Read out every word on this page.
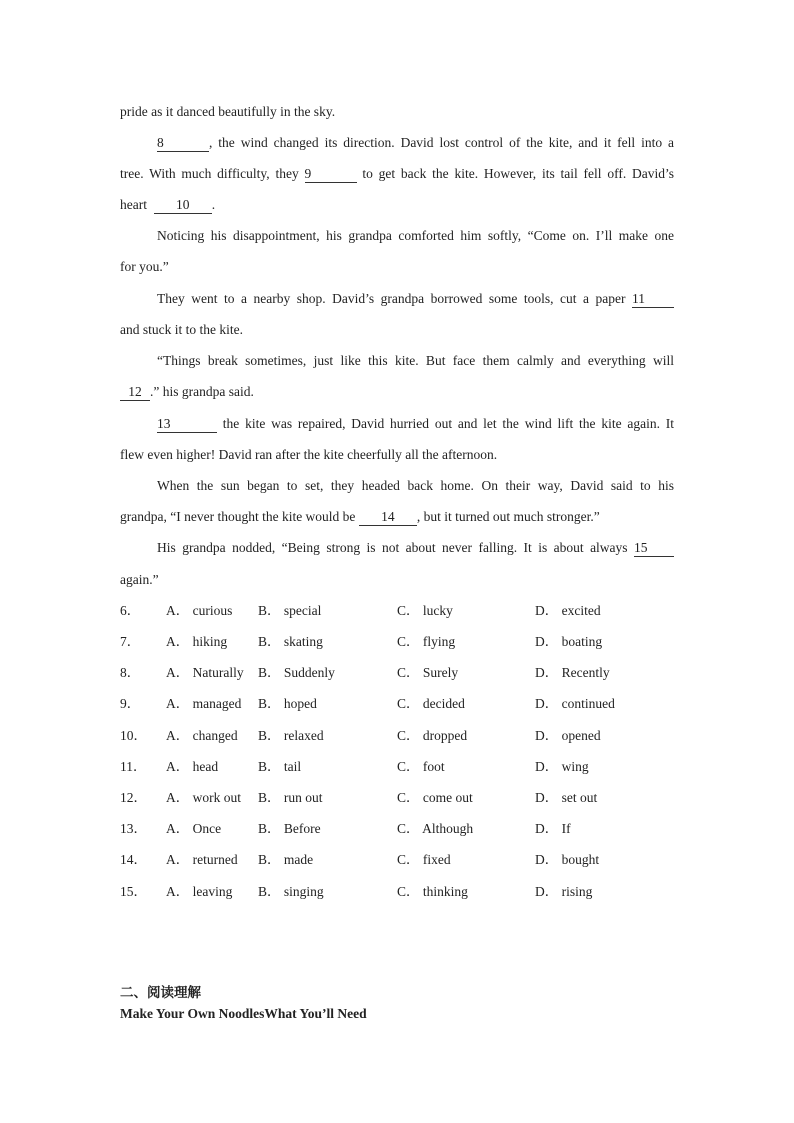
pride as it danced beautifully in the sky.
8	, the wind changed its direction. David lost control of the kite, and it fell into a
tree. With much difficulty, they 9	to get back the kite. However, its tail fell off. David’s
heart 10 .
Noticing his disappointment, his grandpa comforted him softly, “Come on. I’ll make one
for you.”
They went to a nearby shop. David’s grandpa borrowed some tools, cut a paper 11
and stuck it to the kite.
“Things break sometimes, just like this kite. But face them calmly and everything will
12 .” his grandpa said.
13	the kite was repaired, David hurried out and let the wind lift the kite again. It
flew even higher! David ran after the kite cheerfully all the afternoon.
When the sun began to set, they headed back home. On their way, David said to his
grandpa, “I never thought the kite would be 14 , but it turned out much stronger.”
His grandpa nodded, “Being strong is not about never falling. It is about always 15
again.”
6． A． curious B． special	C． lucky	D． excited
7． A． hiking B． skating	C． flying	D． boating
8． A． Naturally B． Suddenly	C． Surely	D． Recently
9． A． managed B． hoped	C． decided	D． continued
10． A． changed B． relaxed	C． dropped	D． opened
11． A． head	B． tail	C． foot	D． wing
12． A． work out B． run out	C． come out	D． set out
13． A． Once	B． Before	C． Although	D． If
14． A． returned B． made	C． fixed	D． bought
15． A． leaving B． singing	C． thinking	D． rising
二、阅读理解
Make Your Own NoodlesWhat You’ll Need
